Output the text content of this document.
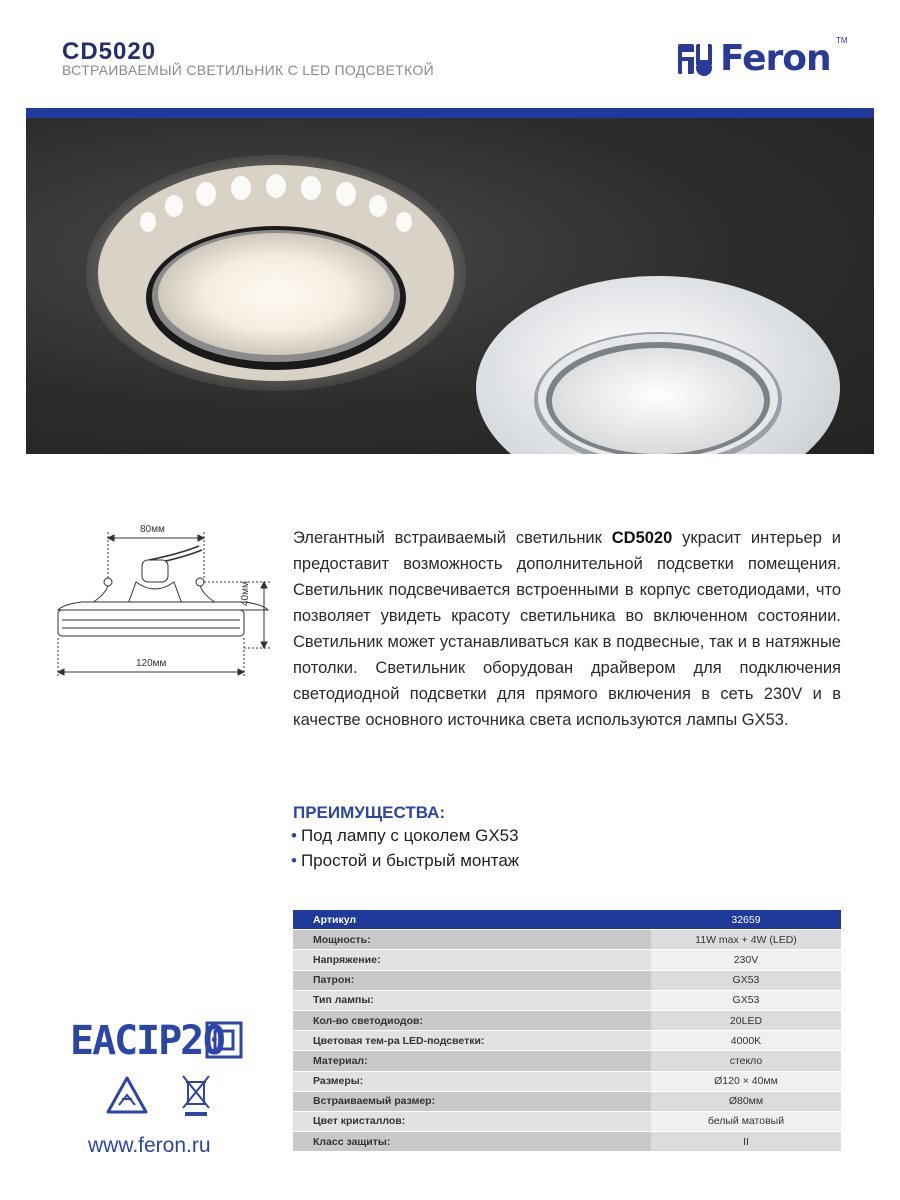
CD5020
ВСТРАИВАЕМЫЙ СВЕТИЛЬНИК С LED ПОДСВЕТКОЙ	Feron TM
80мм
40мм
120мм
Элегантный встраиваемый светильник CD5020 украсит интерьер и предоставит возможность дополнительной подсветки помещения. Светильник подсвечивается встроенными в корпус светодиодами, что позволяет увидеть красоту светильника во включенном состоянии. Светильник может устанавливаться как в подвесные, так и в натяжные потолки. Светильник оборудован драйвером для подключения светодиодной подсветки для прямого включения в сеть 230V и в качестве основного источника света используются лампы GX53.
ПРЕИМУЩЕСТВА:
• Под лампу с цоколем GX53
• Простой и быстрый монтаж
Артикул	32659
Мощность:	11W max + 4W (LED)
Напряжение:	230V
Патрон:	GX53
Тип лампы:	GX53
Кол-во светодиодов:	20LED
Цветовая тем-ра LED-подсветки:	4000K
Материал:	стекло
Размеры:	Ø120 × 40мм
Встраиваемый размер:	Ø80мм
Цвет кристаллов:	белый матовый
Класс защиты:	II
ЕАС IP20
www.feron.ru
